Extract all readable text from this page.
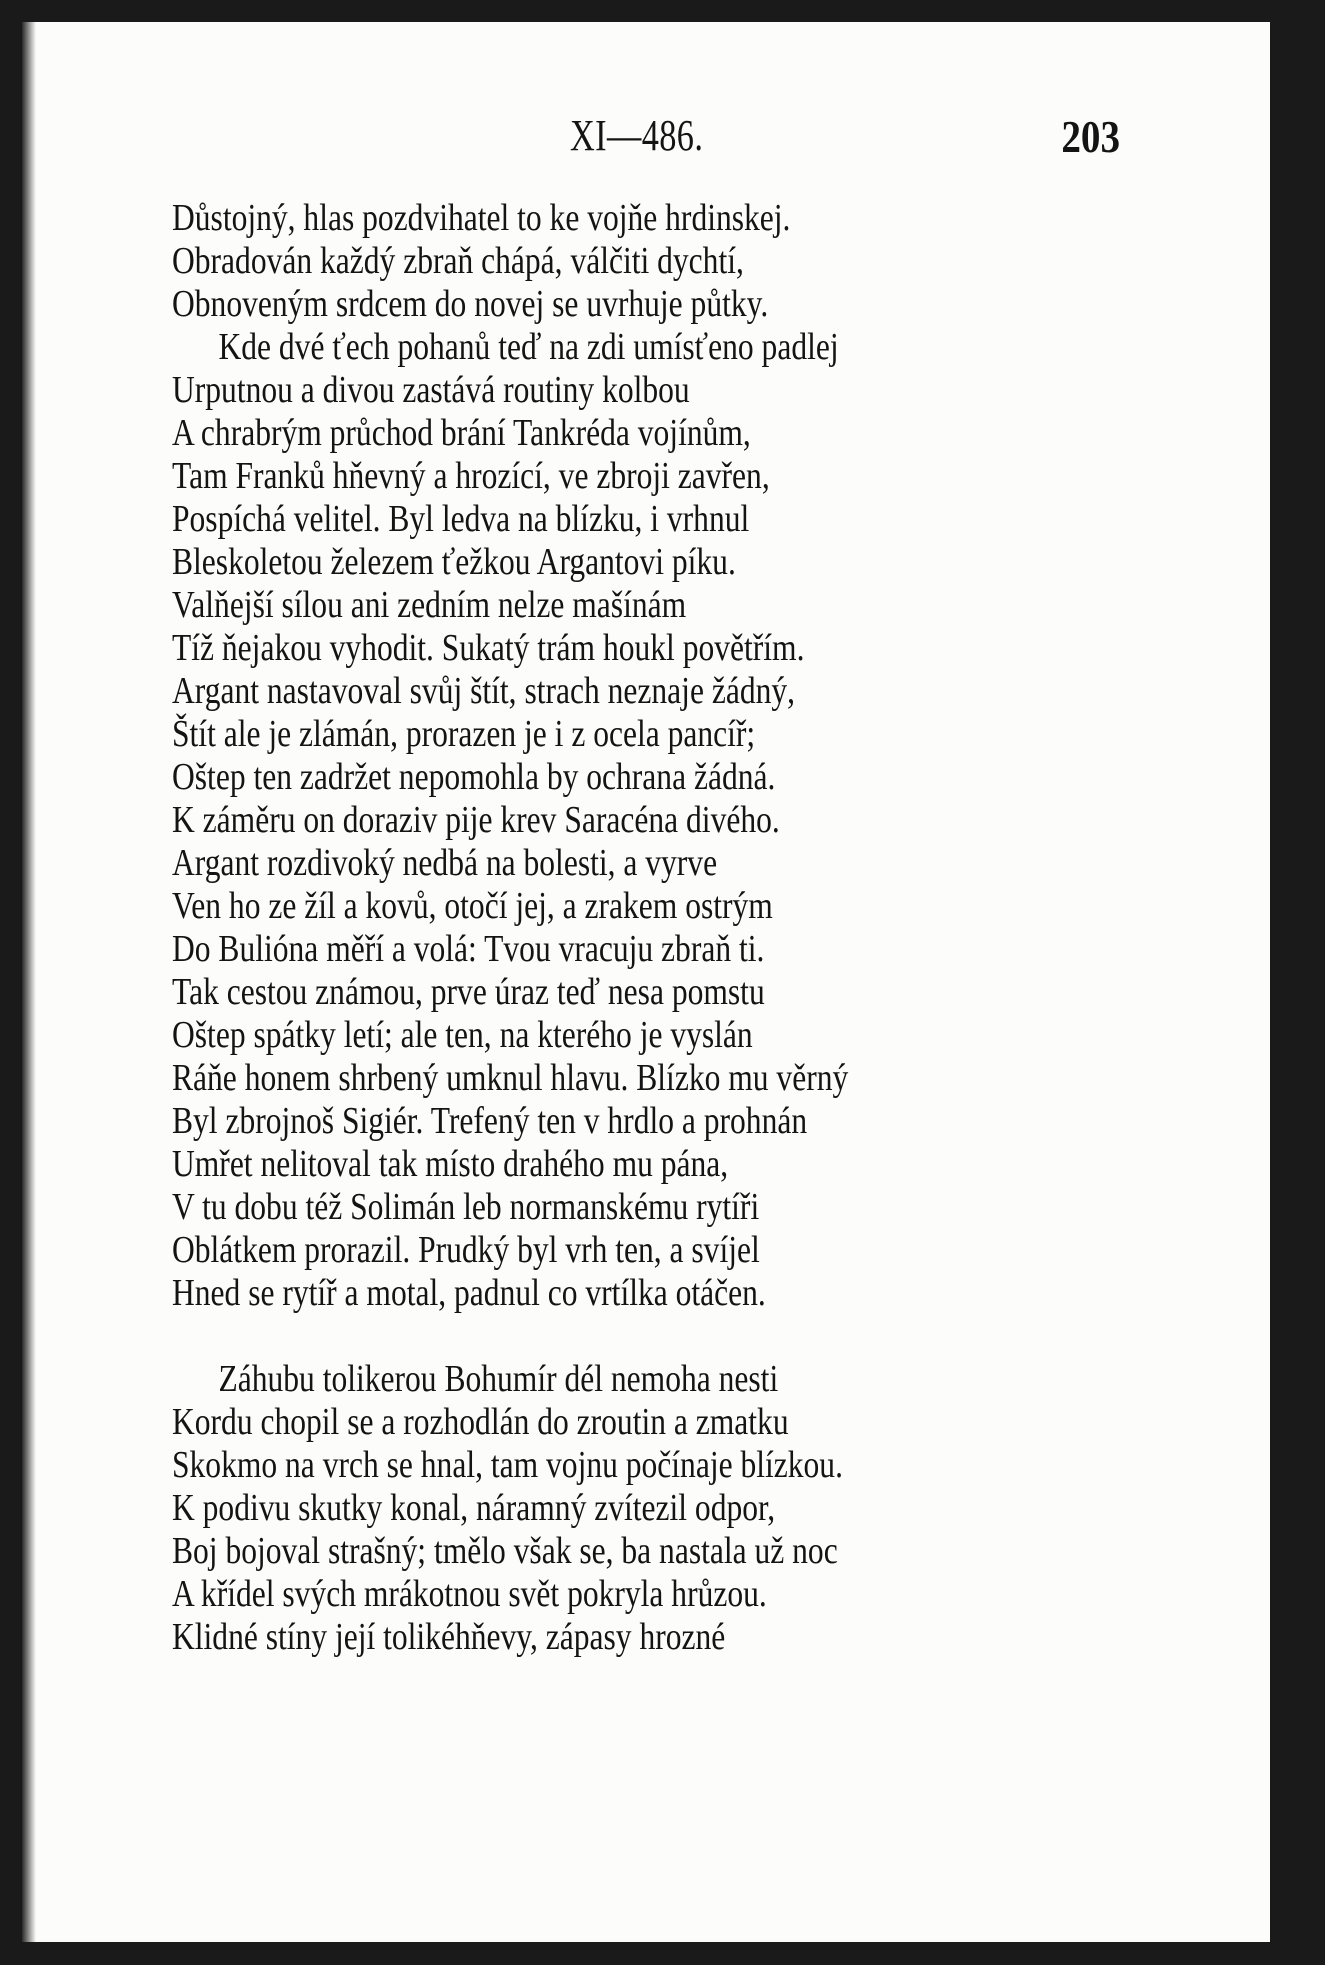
XI—486.	203
Důstojný, hlas pozdvihatel to ke vojňe hrdinskej.
Obradován každý zbraň chápá, válčiti dychtí,
Obnoveným srdcem do novej se uvrhuje půtky.
Kde dvé ťech pohanů teď na zdi umísťeno padlej
Urputnou a divou zastává routiny kolbou
A chrabrým průchod brání Tankréda vojínům,
Tam Franků hňevný a hrozící, ve zbroji zavřen,
Pospíchá velitel. Byl ledva na blízku, i vrhnul
Bleskoletou železem ťežkou Argantovi píku.
Valňejší sílou ani zedním nelze mašínám
Tíž ňejakou vyhodit. Sukatý trám houkl povětřím.
Argant nastavoval svůj štít, strach neznaje žádný,
Štít ale je zlámán, prorazen je i z ocela pancíř;
Oštep ten zadržet nepomohla by ochrana žádná.
K záměru on doraziv pije krev Saracéna divého.
Argant rozdivoký nedbá na bolesti, a vyrve
Ven ho ze žíl a kovů, otočí jej, a zrakem ostrým
Do Bulióna měří a volá: Tvou vracuju zbraň ti.
Tak cestou známou, prve úraz teď nesa pomstu
Oštep spátky letí; ale ten, na kterého je vyslán
Ráňe honem shrbený umknul hlavu. Blízko mu věrný
Byl zbrojnoš Sigiér. Trefený ten v hrdlo a prohnán
Umřet nelitoval tak místo drahého mu pána,
V tu dobu též Solimán leb normanskému rytíři
Oblátkem prorazil. Prudký byl vrh ten, a svíjel
Hned se rytíř a motal, padnul co vrtílka otáčen.
Záhubu tolikerou Bohumír dél nemoha nesti
Kordu chopil se a rozhodlán do zroutin a zmatku
Skokmo na vrch se hnal, tam vojnu počínaje blízkou.
K podivu skutky konal, náramný zvítezil odpor,
Boj bojoval strašný; tmělo však se, ba nastala už noc
A křídel svých mrákotnou svět pokryla hrůzou.
Klidné stíny její tolikéhňevy, zápasy hrozné
